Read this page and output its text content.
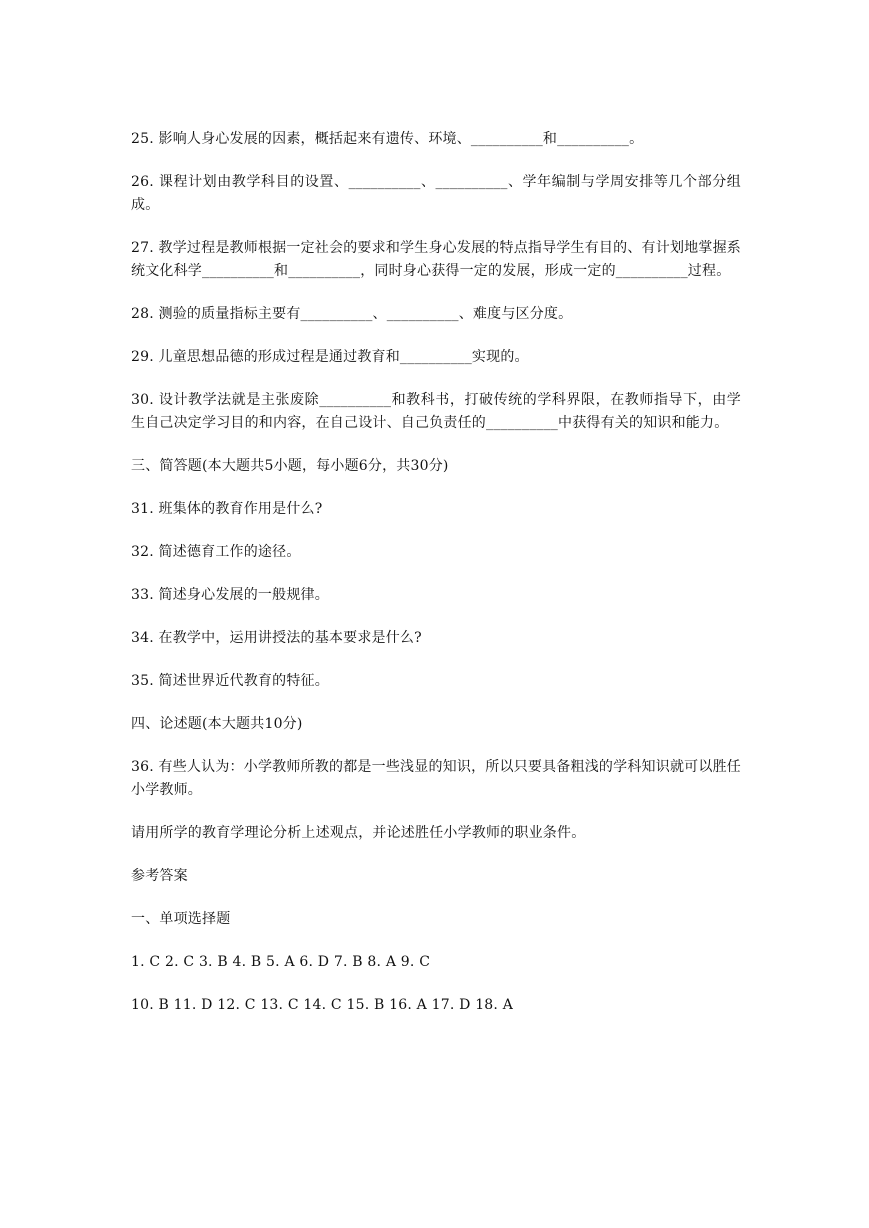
25. 影响人身心发展的因素，概括起来有遗传、环境、__________和__________。

26. 课程计划由教学科目的设置、__________、__________、学年编制与学周安排等几个部分组成。

27. 教学过程是教师根据一定社会的要求和学生身心发展的特点指导学生有目的、有计划地掌握系统文化科学__________和__________，同时身心获得一定的发展，形成一定的__________过程。

28. 测验的质量指标主要有__________、__________、难度与区分度。

29. 儿童思想品德的形成过程是通过教育和__________实现的。

30. 设计教学法就是主张废除__________和教科书，打破传统的学科界限，在教师指导下，由学生自己决定学习目的和内容，在自己设计、自己负责任的__________中获得有关的知识和能力。

三、简答题(本大题共5小题，每小题6分，共30分)

31. 班集体的教育作用是什么?

32. 简述德育工作的途径。

33. 简述身心发展的一般规律。

34. 在教学中，运用讲授法的基本要求是什么?

35. 简述世界近代教育的特征。

四、论述题(本大题共10分)

36. 有些人认为：小学教师所教的都是一些浅显的知识，所以只要具备粗浅的学科知识就可以胜任小学教师。

请用所学的教育学理论分析上述观点，并论述胜任小学教师的职业条件。

参考答案

一、单项选择题

1. C 2. C 3. B 4. B 5. A 6. D 7. B 8. A 9. C

10. B 11. D 12. C 13. C 14. C 15. B 16. A 17. D 18. A
